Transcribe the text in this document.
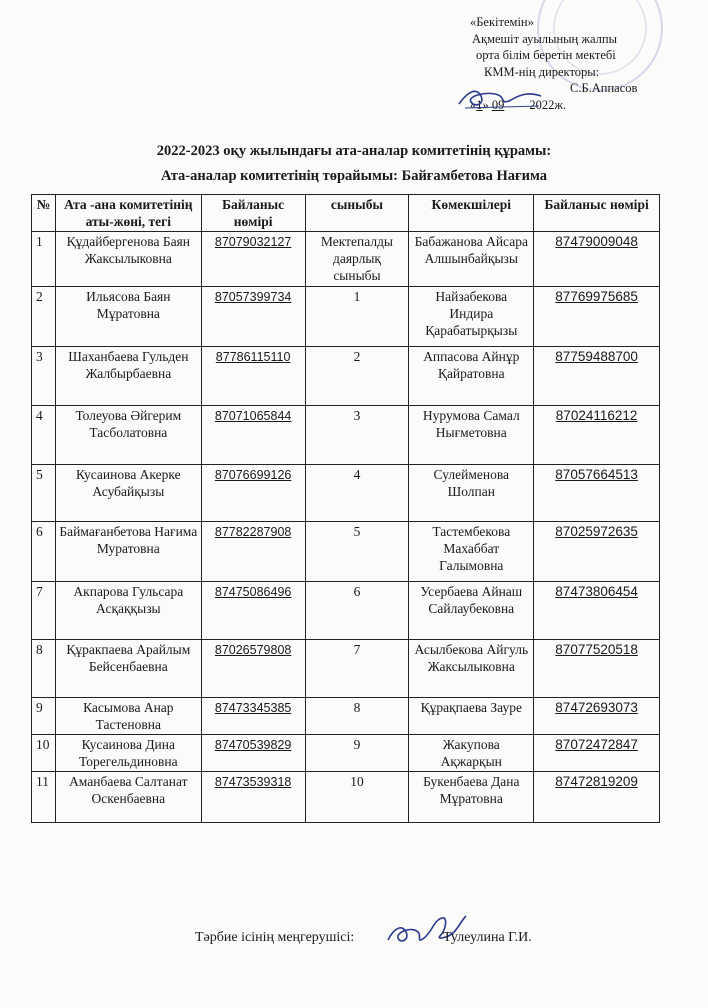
«Бекітемін»
Ақмешіт ауылының жалпы
орта білім беретін мектебі
КММ-нің директоры:
С.Б.Аппасов
«1» 09 2022ж.
2022-2023 оқу жылындағы ата-аналар комитетінің құрамы:
Ата-аналар комитетінің төрайымы: Байғамбетова Нағима
№	Ата -ана комитетінің аты-жөні, тегі	Байланыс нөмірі	сыныбы	Көмекшілері	Байланыс нөмірі
1	Құдайбергенова Баян Жаксылыковна	87079032127	Мектепалды даярлық сыныбы	Бабажанова Айсара Алшынбайқызы	87479009048
2	Ильясова Баян Мұратовна	87057399734	1	Найзабекова Индира Қарабатырқызы	87769975685
3	Шаханбаева Гульден Жалбырбаевна	87786115110	2	Аппасова Айнұр Қайратовна	87759488700
4	Толеуова Әйгерим Тасболатовна	87071065844	3	Нурумова Самал Нығметовна	87024116212
5	Кусаинова Акерке Асубайқызы	87076699126	4	Сулейменова Шолпан	87057664513
6	Баймағанбетова Нағима Муратовна	87782287908	5	Тастембекова Махаббат Галымовна	87025972635
7	Акпарова Гульсара Асқаққызы	87475086496	6	Усербаева Айнаш Сайлаубековна	87473806454
8	Құракпаева Арайлым Бейсенбаевна	87026579808	7	Асылбекова Айгуль Жаксылыковна	87077520518
9	Касымова Анар Тастеновна	87473345385	8	Құрақпаева Зауре	87472693073
10	Кусаинова Дина Торегельдиновна	87470539829	9	Жакупова Ақжарқын	87072472847
11	Аманбаева Салтанат Оскенбаевна	87473539318	10	Букенбаева Дана Мұратовна	87472819209
Тәрбие ісінің меңгерушісі:	Тулеулина Г.И.
